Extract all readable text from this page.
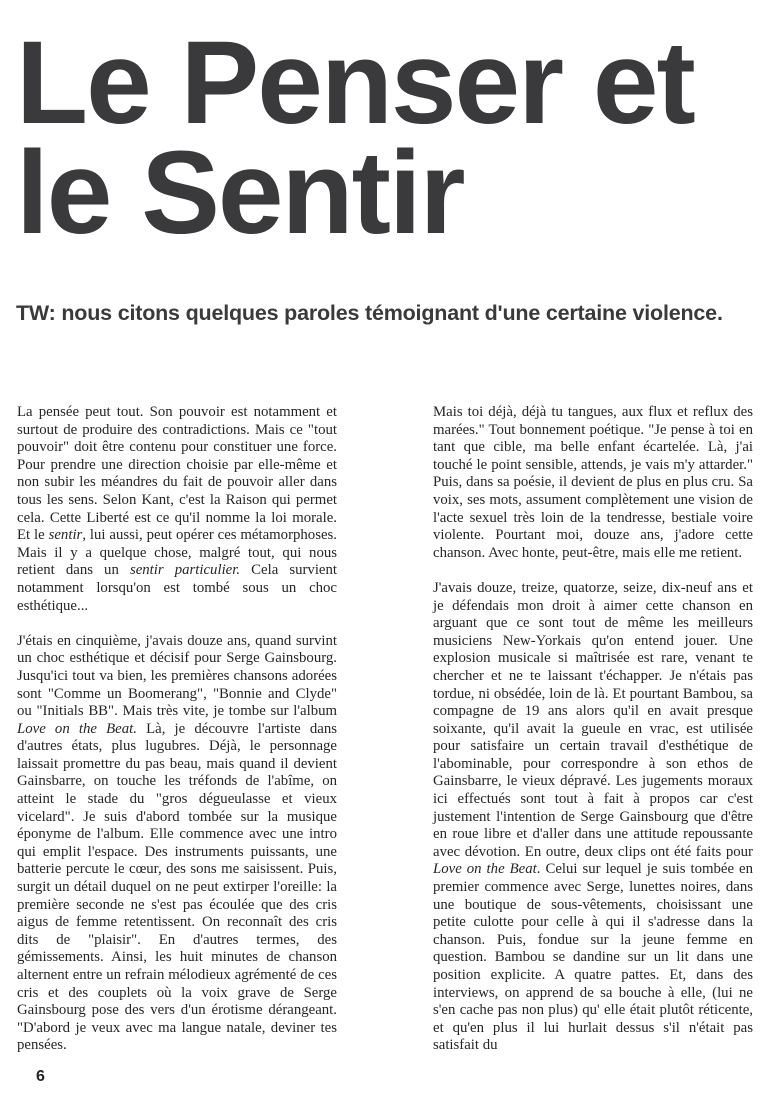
Le Penser et
le Sentir

TW: nous citons quelques paroles témoignant d'une certaine violence.

La pensée peut tout. Son pouvoir est notamment et surtout de produire des contradictions. Mais ce "tout pouvoir" doit être contenu pour constituer une force. Pour prendre une direction choisie par elle-même et non subir les méandres du fait de pouvoir aller dans tous les sens. Selon Kant, c'est la Raison qui permet cela. Cette Liberté est ce qu'il nomme la loi morale. Et le sentir, lui aussi, peut opérer ces métamorphoses. Mais il y a quelque chose, malgré tout, qui nous retient dans un sentir particulier. Cela survient notamment lorsqu'on est tombé sous un choc esthétique...

J'étais en cinquième, j'avais douze ans, quand survint un choc esthétique et décisif pour Serge Gainsbourg. Jusqu'ici tout va bien, les premières chansons adorées sont "Comme un Boomerang", "Bonnie and Clyde" ou "Initials BB". Mais très vite, je tombe sur l'album Love on the Beat. Là, je découvre l'artiste dans d'autres états, plus lugubres. Déjà, le personnage laissait promettre du pas beau, mais quand il devient Gainsbarre, on touche les tréfonds de l'abîme, on atteint le stade du "gros dégueulasse et vieux vicelard". Je suis d'abord tombée sur la musique éponyme de l'album. Elle commence avec une intro qui emplit l'espace. Des instruments puissants, une batterie percute le cœur, des sons me saisissent. Puis, surgit un détail duquel on ne peut extirper l'oreille: la première seconde ne s'est pas écoulée que des cris aigus de femme retentissent. On reconnaît des cris dits de "plaisir". En d'autres termes, des gémissements. Ainsi, les huit minutes de chanson alternent entre un refrain mélodieux agrémenté de ces cris et des couplets où la voix grave de Serge Gainsbourg pose des vers d'un érotisme dérangeant. "D'abord je veux avec ma langue natale, deviner tes pensées.

Mais toi déjà, déjà tu tangues, aux flux et reflux des marées." Tout bonnement poétique. "Je pense à toi en tant que cible, ma belle enfant écartelée. Là, j'ai touché le point sensible, attends, je vais m'y attarder." Puis, dans sa poésie, il devient de plus en plus cru. Sa voix, ses mots, assument complètement une vision de l'acte sexuel très loin de la tendresse, bestiale voire violente. Pourtant moi, douze ans, j'adore cette chanson. Avec honte, peut-être, mais elle me retient.

J'avais douze, treize, quatorze, seize, dix-neuf ans et je défendais mon droit à aimer cette chanson en arguant que ce sont tout de même les meilleurs musiciens New-Yorkais qu'on entend jouer. Une explosion musicale si maîtrisée est rare, venant te chercher et ne te laissant t'échapper. Je n'étais pas tordue, ni obsédée, loin de là. Et pourtant Bambou, sa compagne de 19 ans alors qu'il en avait presque soixante, qu'il avait la gueule en vrac, est utilisée pour satisfaire un certain travail d'esthétique de l'abominable, pour correspondre à son ethos de Gainsbarre, le vieux dépravé. Les jugements moraux ici effectués sont tout à fait à propos car c'est justement l'intention de Serge Gainsbourg que d'être en roue libre et d'aller dans une attitude repoussante avec dévotion. En outre, deux clips ont été faits pour Love on the Beat. Celui sur lequel je suis tombée en premier commence avec Serge, lunettes noires, dans une boutique de sous-vêtements, choisissant une petite culotte pour celle à qui il s'adresse dans la chanson. Puis, fondue sur la jeune femme en question. Bambou se dandine sur un lit dans une position explicite. A quatre pattes. Et, dans des interviews, on apprend de sa bouche à elle, (lui ne s'en cache pas non plus) qu' elle était plutôt réticente, et qu'en plus il lui hurlait dessus s'il n'était pas satisfait du

6
